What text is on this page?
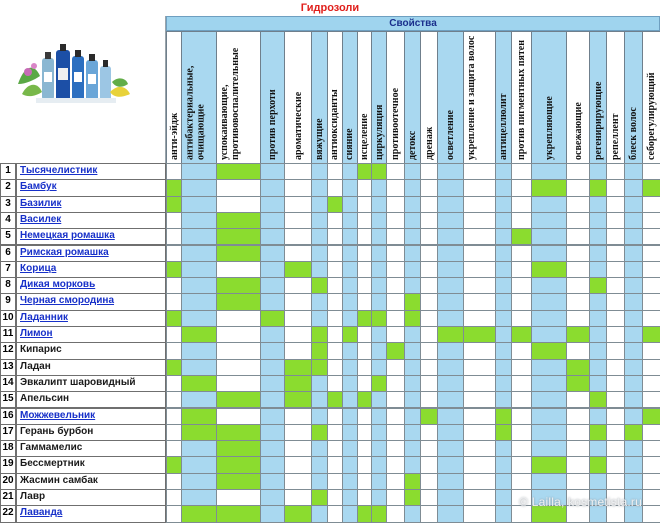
Гидрозоли
Свойства
анти-эйдж антибактериальные, очищающие успокаивающие, противовоспалительные	против перхоти ароматические вяжущие антиоксиданты сияние исцеление циркуляция противоотечное детокс дренаж осветление укрепление и защита волос антицеллюлит против пигментных пятен укрепляющие освежающие регенирирующие репеллент блеск волос себорегулирующий
1 Тысячелистник
2 Бамбук
3 Базилик
4 Василек
5 Немецкая ромашка
6 Римская ромашка
7 Корица
8 Дикая морковь
9 Черная смородина
10 Ладанник
11 Лимон
12 Кипарис
13 Ладан
14 Эвкалипт шаровидный
15 Апельсин
16 Можжевельник
17 Герань бурбон
18 Гаммамелис
19 Бессмертник
20 Жасмин самбак
21 Лавр
22 Лаванда
© Lailla, kosmetista.ru
